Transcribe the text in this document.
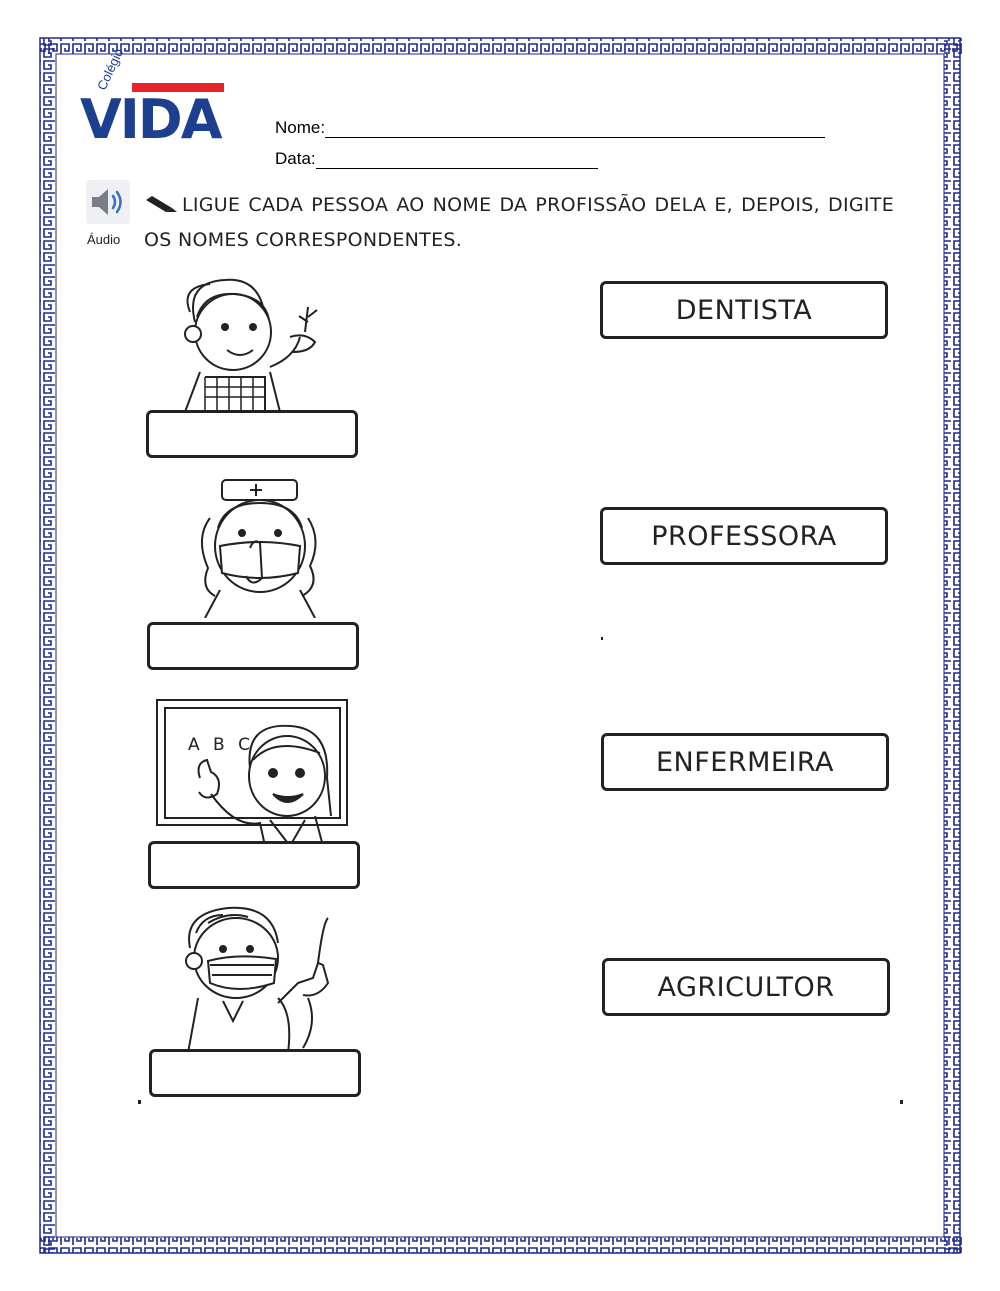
VIDA
Colégio
Nome:
Data:
Áudio
LIGUE CADA PESSOA AO NOME DA PROFISSÃO DELA E, DEPOIS, DIGITE OS NOMES CORRESPONDENTES.
A B C
DENTISTA
PROFESSORA
ENFERMEIRA
AGRICULTOR
